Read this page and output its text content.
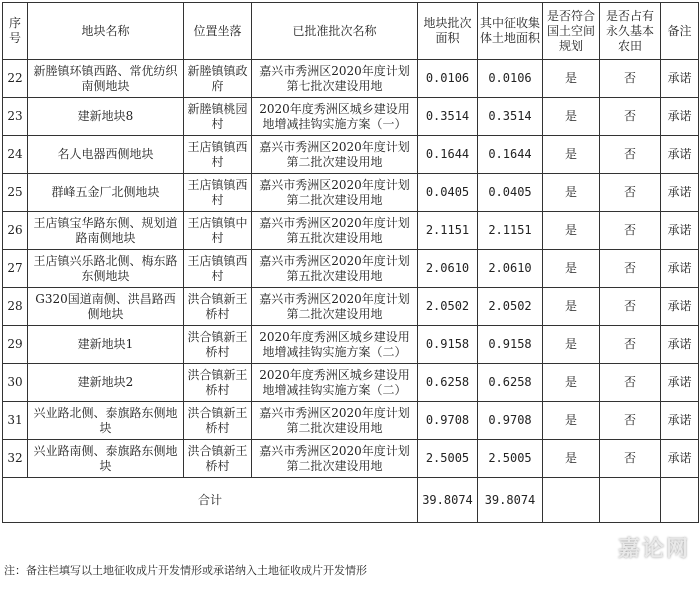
序号	地块名称	位置坐落	已批准批次名称	地块批次面积	其中征收集体土地面积	是否符合国土空间规划	是否占有永久基本农田	备注
22	新塍镇环镇西路、常优纺织南侧地块	新塍镇镇政府	嘉兴市秀洲区2020年度计划第七批次建设用地	0.0106	0.0106	是	否	承诺
23	建新地块8	新塍镇桃园村	2020年度秀洲区城乡建设用地增减挂钩实施方案（一）	0.3514	0.3514	是	否	承诺
24	名人电器西侧地块	王店镇镇西村	嘉兴市秀洲区2020年度计划第二批次建设用地	0.1644	0.1644	是	否	承诺
25	群峰五金厂北侧地块	王店镇镇西村	嘉兴市秀洲区2020年度计划第二批次建设用地	0.0405	0.0405	是	否	承诺
26	王店镇宝华路东侧、规划道路南侧地块	王店镇镇中村	嘉兴市秀洲区2020年度计划第五批次建设用地	2.1151	2.1151	是	否	承诺
27	王店镇兴乐路北侧、梅东路东侧地块	王店镇镇西村	嘉兴市秀洲区2020年度计划第五批次建设用地	2.0610	2.0610	是	否	承诺
28	G320国道南侧、洪昌路西侧地块	洪合镇新王桥村	嘉兴市秀洲区2020年度计划第二批次建设用地	2.0502	2.0502	是	否	承诺
29	建新地块1	洪合镇新王桥村	2020年度秀洲区城乡建设用地增减挂钩实施方案（二）	0.9158	0.9158	是	否	承诺
30	建新地块2	洪合镇新王桥村	2020年度秀洲区城乡建设用地增减挂钩实施方案（二）	0.6258	0.6258	是	否	承诺
31	兴业路北侧、泰旗路东侧地块	洪合镇新王桥村	嘉兴市秀洲区2020年度计划第二批次建设用地	0.9708	0.9708	是	否	承诺
32	兴业路南侧、泰旗路东侧地块	洪合镇新王桥村	嘉兴市秀洲区2020年度计划第二批次建设用地	2.5005	2.5005	是	否	承诺
合计				39.8074	39.8074			
嘉论网
注：备注栏填写以土地征收成片开发情形或承诺纳入土地征收成片开发情形
